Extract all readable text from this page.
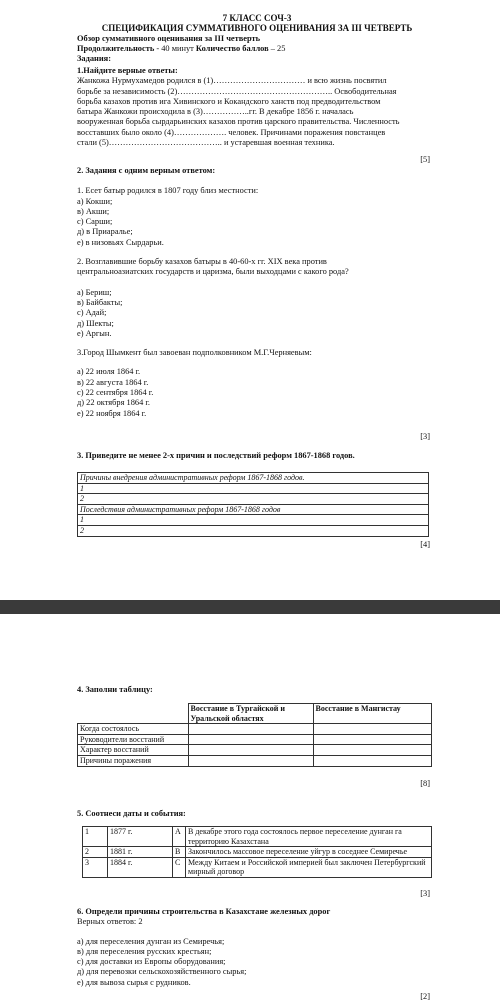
7 КЛАСС СОЧ-3

СПЕЦИФИКАЦИЯ СУММАТИВНОГО ОЦЕНИВАНИЯ ЗА III ЧЕТВЕРТЬ

Обзор суммативного оценивания за III четверть

Продолжительность - 40 минут Количество баллов – 25

Задания:

1.Найдите верные ответы:

Жанкожа Нурмухамедов родился в (1)…………………………… и всю жизнь посвятил

борьбе за независимость (2)……………………………………………….. Освободительная

борьба казахов против ига Хивинского и Кокандского ханств под предводительством

батыра Жанкожи происходила в (3)……………..гг. В декабре 1856 г. началась

вооруженная борьба сырдарьинских казахов против царского правительства. Численность

восставших было около (4)………………. человек. Причинами поражения повстанцев

стали (5)………………………………….. и устаревшая военная техника.

[5]

2. Задания с одним верным ответом:

1. Есет батыр родился в 1807 году близ местности:

а) Кокши;

в) Акши;

с) Сарши;

д) в Приаралье;

е) в низовьях Сырдарьи.

2. Возглавившие борьбу казахов батыры в 40-60-х гг. XIX века против

центральноазиатских государств и царизма, были выходцами с какого рода?

а) Бериш;

в) Байбакты;

с) Адай;

д) Шекты;

е) Аргын.

3.Город Шымкент был завоеван подполковником М.Г.Черняевым:

а) 22 июля 1864 г.

в) 22 августа 1864 г.

с) 22 сентября 1864 г.

д) 22 октября 1864 г.

е) 22 ноября 1864 г.

[3]

3. Приведите не менее 2-х причин и последствий реформ 1867-1868 годов.

Причины внедрения административных реформ 1867-1868 годов.
1
2
Последствия административных реформ 1867-1868 годов
1
2
[4]

4. Заполни таблицу:

	Восстание в Тургайской и Уральской областях	Восстание в Мангистау
Когда состоялось		
Руководители восстаний		
Характер восстаний		
Причины поражения		
[8]

5. Соотнеси даты и события:

1	1877 г.	A	В декабре этого года состоялось первое переселение дунган га территорию Казахстана
2	1881 г.	B	Закончилось массовое переселение уйгур в соседнее Семиречье
3	1884 г.	C	Между Китаем и Российской империей был заключен Петербургский мирный договор
[3]

6. Определи причины строительства в Казахстане железных дорог

Верных ответов: 2

а) для переселения дунган из Семиречья;

в) для переселения русских крестьян;

с) для доставки из Европы оборудования;

д) для перевозки сельскохозяйственного сырья;

е) для вывоза сырья с рудников.

[2]
